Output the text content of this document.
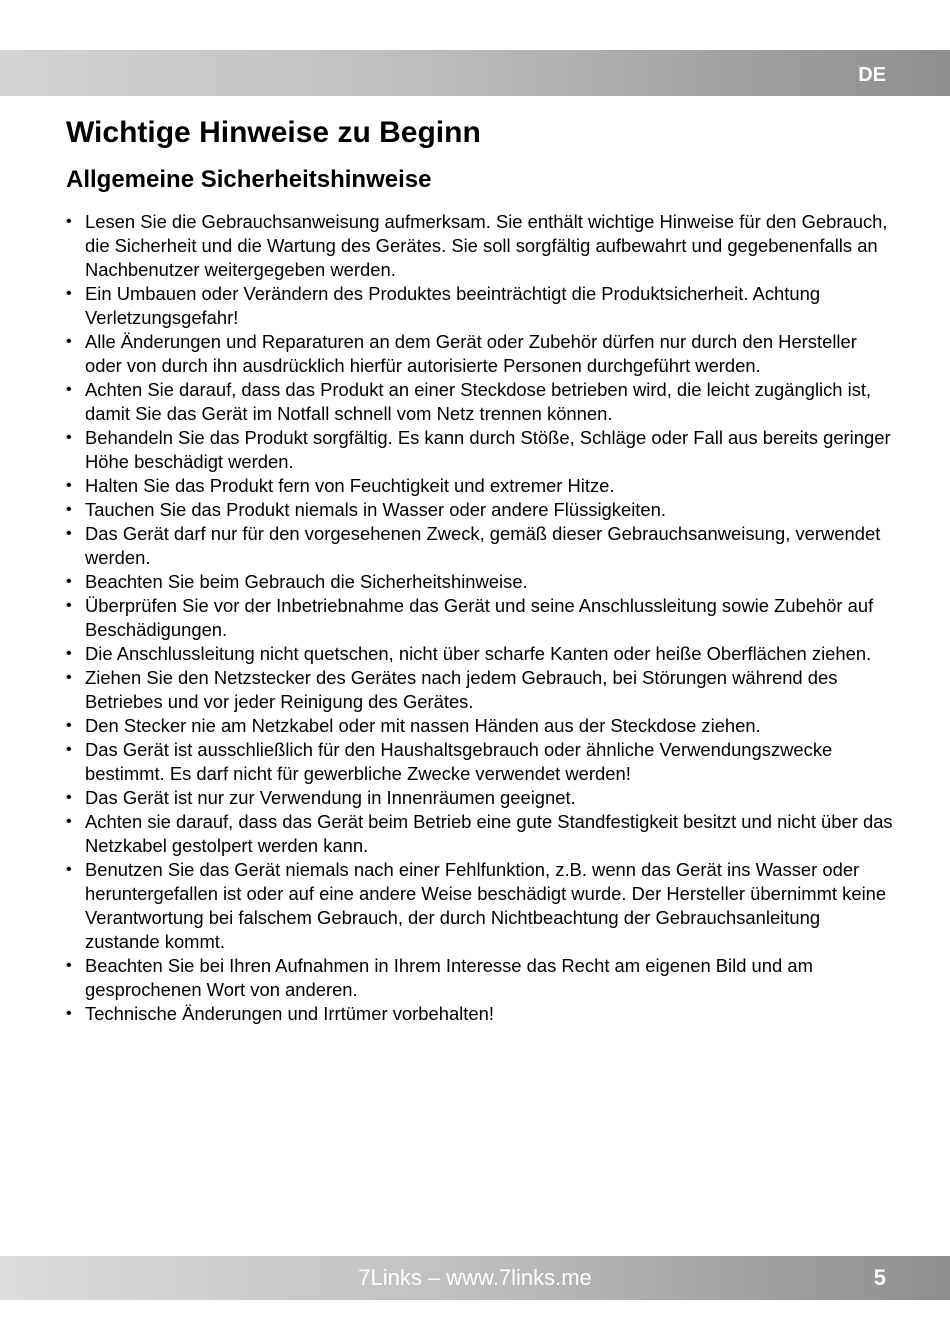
DE
Wichtige Hinweise zu Beginn
Allgemeine Sicherheitshinweise
• Lesen Sie die Gebrauchsanweisung aufmerksam. Sie enthält wichtige Hinweise für den Gebrauch, die Sicherheit und die Wartung des Gerätes. Sie soll sorgfältig aufbewahrt und gegebenenfalls an Nachbenutzer weitergegeben werden.
• Ein Umbauen oder Verändern des Produktes beeinträchtigt die Produktsicherheit. Achtung Verletzungsgefahr!
• Alle Änderungen und Reparaturen an dem Gerät oder Zubehör dürfen nur durch den Hersteller oder von durch ihn ausdrücklich hierfür autorisierte Personen durchgeführt werden.
• Achten Sie darauf, dass das Produkt an einer Steckdose betrieben wird, die leicht zugänglich ist, damit Sie das Gerät im Notfall schnell vom Netz trennen können.
• Behandeln Sie das Produkt sorgfältig. Es kann durch Stöße, Schläge oder Fall aus bereits geringer Höhe beschädigt werden.
• Halten Sie das Produkt fern von Feuchtigkeit und extremer Hitze.
• Tauchen Sie das Produkt niemals in Wasser oder andere Flüssigkeiten.
• Das Gerät darf nur für den vorgesehenen Zweck, gemäß dieser Gebrauchsanweisung, verwendet werden.
• Beachten Sie beim Gebrauch die Sicherheitshinweise.
• Überprüfen Sie vor der Inbetriebnahme das Gerät und seine Anschlussleitung sowie Zubehör auf Beschädigungen.
• Die Anschlussleitung nicht quetschen, nicht über scharfe Kanten oder heiße Oberflächen ziehen.
• Ziehen Sie den Netzstecker des Gerätes nach jedem Gebrauch, bei Störungen während des Betriebes und vor jeder Reinigung des Gerätes.
• Den Stecker nie am Netzkabel oder mit nassen Händen aus der Steckdose ziehen.
• Das Gerät ist ausschließlich für den Haushaltsgebrauch oder ähnliche Verwendungszwecke bestimmt. Es darf nicht für gewerbliche Zwecke verwendet werden!
• Das Gerät ist nur zur Verwendung in Innenräumen geeignet.
• Achten sie darauf, dass das Gerät beim Betrieb eine gute Standfestigkeit besitzt und nicht über das Netzkabel gestolpert werden kann.
• Benutzen Sie das Gerät niemals nach einer Fehlfunktion, z.B. wenn das Gerät ins Wasser oder heruntergefallen ist oder auf eine andere Weise beschädigt wurde. Der Hersteller übernimmt keine Verantwortung bei falschem Gebrauch, der durch Nichtbeachtung der Gebrauchsanleitung zustande kommt.
• Beachten Sie bei Ihren Aufnahmen in Ihrem Interesse das Recht am eigenen Bild und am gesprochenen Wort von anderen.
• Technische Änderungen und Irrtümer vorbehalten!
7Links – www.7links.me	5
